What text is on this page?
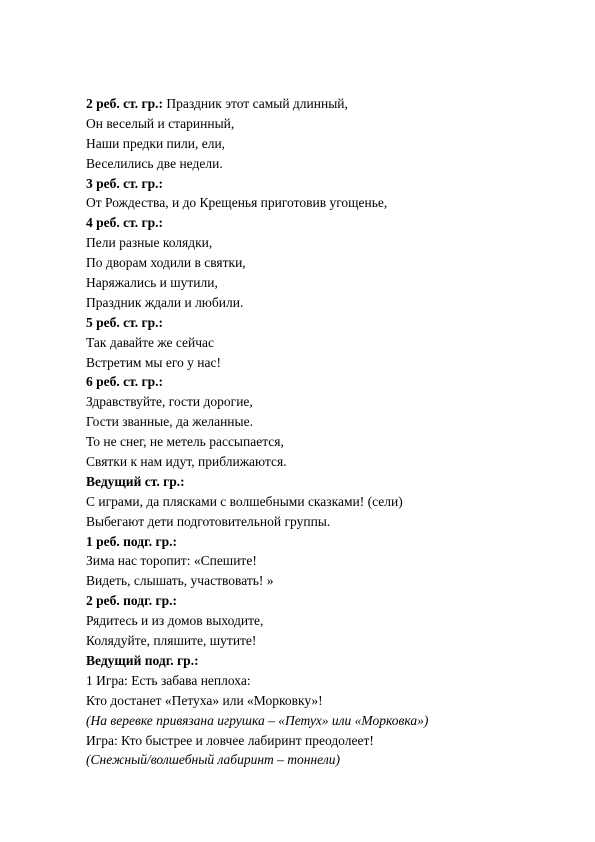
2 реб. ст. гр.: Праздник этот самый длинный,
Он веселый и старинный,
Наши предки пили, ели,
Веселились две недели.
3 реб. ст. гр.:
От Рождества, и до Крещенья приготовив угощенье,
4 реб. ст. гр.:
Пели разные колядки,
По дворам ходили в святки,
Наряжались и шутили,
Праздник ждали и любили.
5 реб. ст. гр.:
Так давайте же сейчас
Встретим мы его у нас!
6 реб. ст. гр.:
Здравствуйте, гости дорогие,
Гости званные, да желанные.
То не снег, не метель рассыпается,
Святки к нам идут, приближаются.
Ведущий ст. гр.:
С играми, да плясками с волшебными сказками! (сели)
Выбегают дети подготовительной группы.
1 реб. подг. гр.:
Зима нас торопит: «Спешите!
Видеть, слышать, участвовать! »
2 реб. подг. гр.:
Рядитесь и из домов выходите,
Колядуйте, пляшите, шутите!
Ведущий подг. гр.:
1 Игра: Есть забава неплоха:
Кто достанет «Петуха» или «Морковку»!
(На веревке привязана игрушка – «Петух» или «Морковка»)
Игра: Кто быстрее и ловчее лабиринт преодолеет!
(Снежный/волшебный лабиринт – тоннели)
